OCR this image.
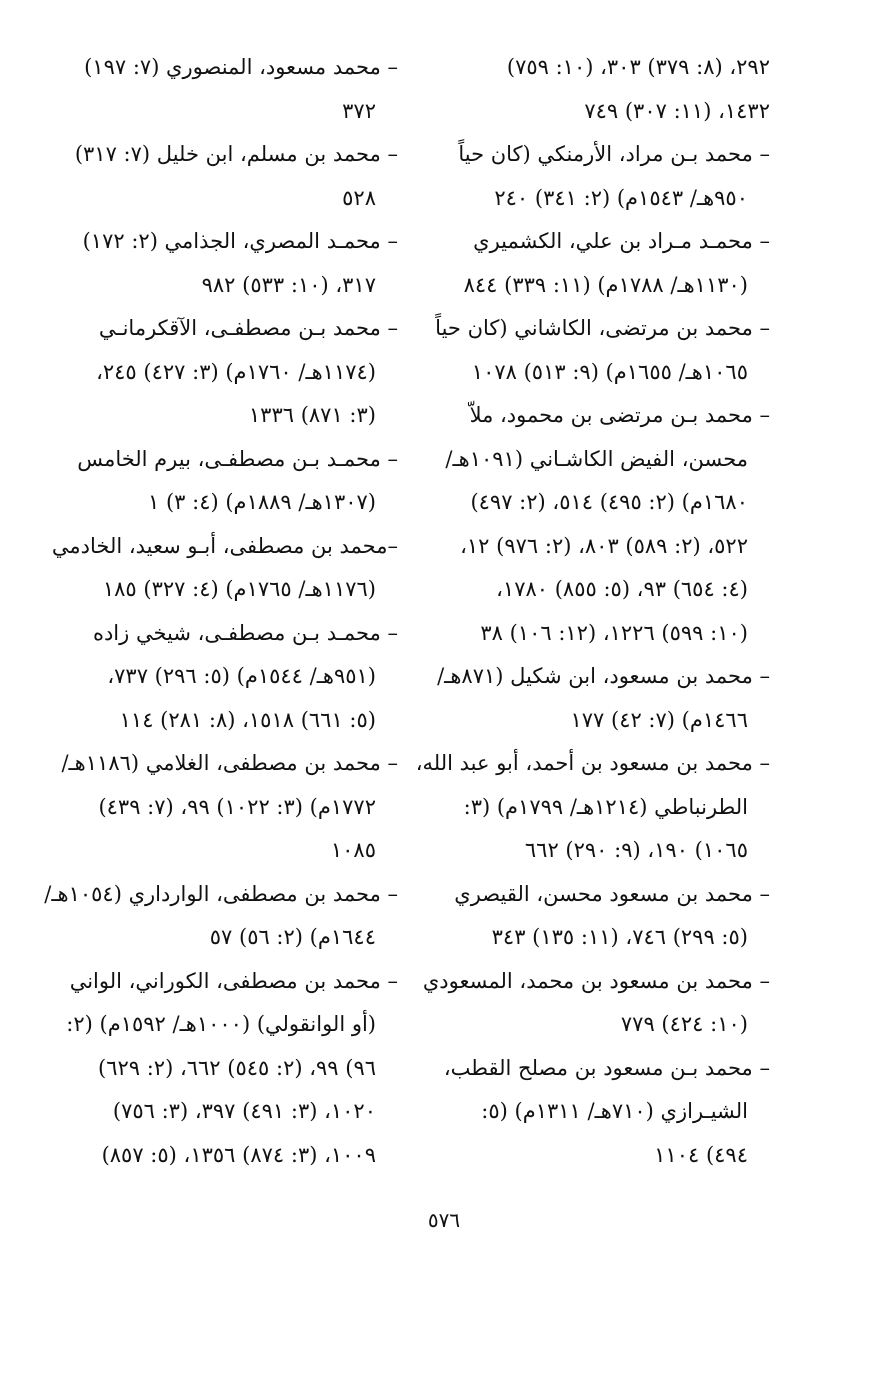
٢٩٢، (٨: ٣٧٩) ٣٠٣، (١٠: ٧٥٩)
١٤٣٢، (١١: ٣٠٧) ٧٤٩
– محمد بـن مراد، الأرمنكي (كان حياً
٩٥٠هـ/ ١٥٤٣م) (٢: ٣٤١) ٢٤٠
– محمـد مـراد بن علي، الكشميري
(١١٣٠هـ/ ١٧٨٨م) (١١: ٣٣٩) ٨٤٤
– محمد بن مرتضى، الكاشاني (كان حياً
١٠٦٥هـ/ ١٦٥٥م) (٩: ٥١٣) ١٠٧٨
– محمد بـن مرتضى بن محمود، ملاّ
محسن، الفيض الكاشـاني (١٠٩١هـ/
١٦٨٠م) (٢: ٤٩٥) ٥١٤، (٢: ٤٩٧)
٥٢٢، (٢: ٥٨٩) ٨٠٣، (٢: ٩٧٦) ١٢،
(٤: ٦٥٤) ٩٣، (٥: ٨٥٥) ١٧٨٠،
(١٠: ٥٩٩) ١٢٢٦، (١٢: ١٠٦) ٣٨
– محمد بن مسعود، ابن شكيل (٨٧١هـ/
١٤٦٦م) (٧: ٤٢) ١٧٧
– محمد بن مسعود بن أحمد، أبو عبد الله،
الطرنباطي (١٢١٤هـ/ ١٧٩٩م) (٣:
١٠٦٥) ١٩٠، (٩: ٢٩٠) ٦٦٢
– محمد بن مسعود محسن، القيصري
(٥: ٢٩٩) ٧٤٦، (١١: ١٣٥) ٣٤٣
– محمد بن مسعود بن محمد، المسعودي
(١٠: ٤٢٤) ٧٧٩
– محمد بـن مسعود بن مصلح القطب،
الشيـرازي (٧١٠هـ/ ١٣١١م) (٥:
٤٩٤) ١١٠٤
– محمد مسعود، المنصوري (٧: ١٩٧)
٣٧٢
– محمد بن مسلم، ابن خليل (٧: ٣١٧)
٥٢٨
– محمـد المصري، الجذامي (٢: ١٧٢)
٣١٧، (١٠: ٥٣٣) ٩٨٢
– محمد بـن مصطفـى، الآقكرمانـي
(١١٧٤هـ/ ١٧٦٠م) (٣: ٤٢٧) ٢٤٥،
(٣: ٨٧١) ١٣٣٦
– محمـد بـن مصطفـى، بيرم الخامس
(١٣٠٧هـ/ ١٨٨٩م) (٤: ٣) ١
–محمد بن مصطفى، أبـو سعيد، الخادمي
(١١٧٦هـ/ ١٧٦٥م) (٤: ٣٢٧) ١٨٥
– محمـد بـن مصطفـى، شيخي زاده
(٩٥١هـ/ ١٥٤٤م) (٥: ٢٩٦) ٧٣٧،
(٥: ٦٦١) ١٥١٨، (٨: ٢٨١) ١١٤
– محمد بن مصطفى، الغلامي (١١٨٦هـ/
١٧٧٢م) (٣: ١٠٢٢) ٩٩، (٧: ٤٣٩)
١٠٨٥
– محمد بن مصطفى، الوارداري (١٠٥٤هـ/
١٦٤٤م) (٢: ٥٦) ٥٧
– محمد بن مصطفى، الكوراني، الواني
(أو الوانقولي) (١٠٠٠هـ/ ١٥٩٢م) (٢:
٩٦) ٩٩، (٢: ٥٤٥) ٦٦٢، (٢: ٦٢٩)
١٠٢٠، (٣: ٤٩١) ٣٩٧، (٣: ٧٥٦)
١٠٠٩، (٣: ٨٧٤) ١٣٥٦، (٥: ٨٥٧)
٥٧٦
